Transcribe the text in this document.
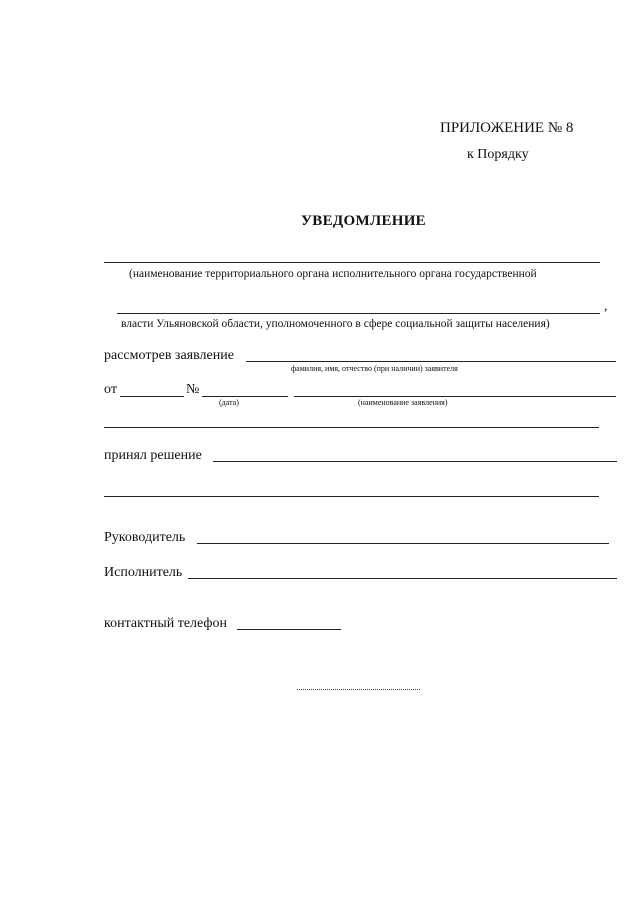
ПРИЛОЖЕНИЕ № 8
к Порядку
УВЕДОМЛЕНИЕ
(наименование территориального органа исполнительного органа государственной
,
власти Ульяновской области, уполномоченного в сфере социальной защиты населения)
рассмотрев заявление
фамилия, имя, отчество (при наличии) заявителя
от	№
(дата)	(наименование заявления)
принял решение
Руководитель
Исполнитель
контактный телефон
